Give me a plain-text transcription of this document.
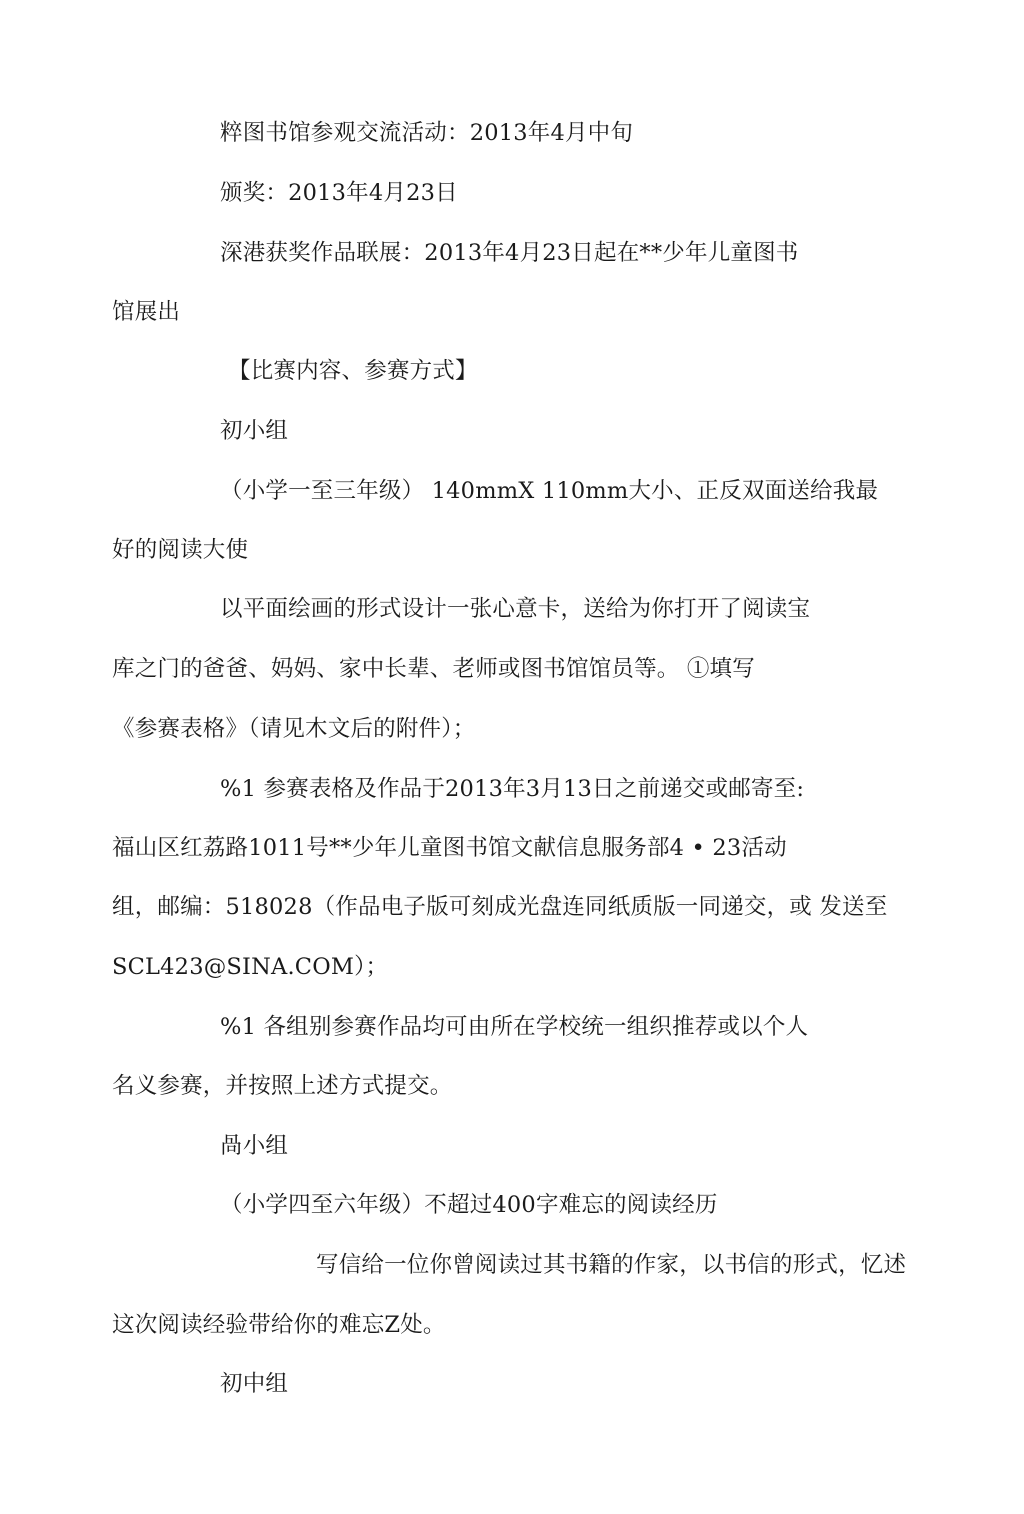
粹图书馆参观交流活动：2013年4月中旬
颁奖：2013年4月23日
深港获奖作品联展：2013年4月23日起在**少年儿童图书
馆展出
【比赛内容、参赛方式】
初小组
（小学一至三年级） 140mmX 110mm大小、正反双面送给我最
好的阅读大使
以平面绘画的形式设计一张心意卡，送给为你打开了阅读宝
库之门的爸爸、妈妈、家中长辈、老师或图书馆馆员等。 ①填写
《参赛表格》（请见木文后的附件）；
%1 参赛表格及作品于2013年3月13日之前递交或邮寄至:
福山区红荔路1011号**少年儿童图书馆文献信息服务部4 • 23活动
组，邮编：518028（作品电子版可刻成光盘连同纸质版一同递交，或 发送至
SCL423@SINA.COM）；
%1 各组别参赛作品均可由所在学校统一组织推荐或以个人
名义参赛，并按照上述方式提交。
咼小组
（小学四至六年级）不超过400字难忘的阅读经历
写信给一位你曾阅读过其书籍的作家，以书信的形式，忆述
这次阅读经验带给你的难忘Z处。
初中组
